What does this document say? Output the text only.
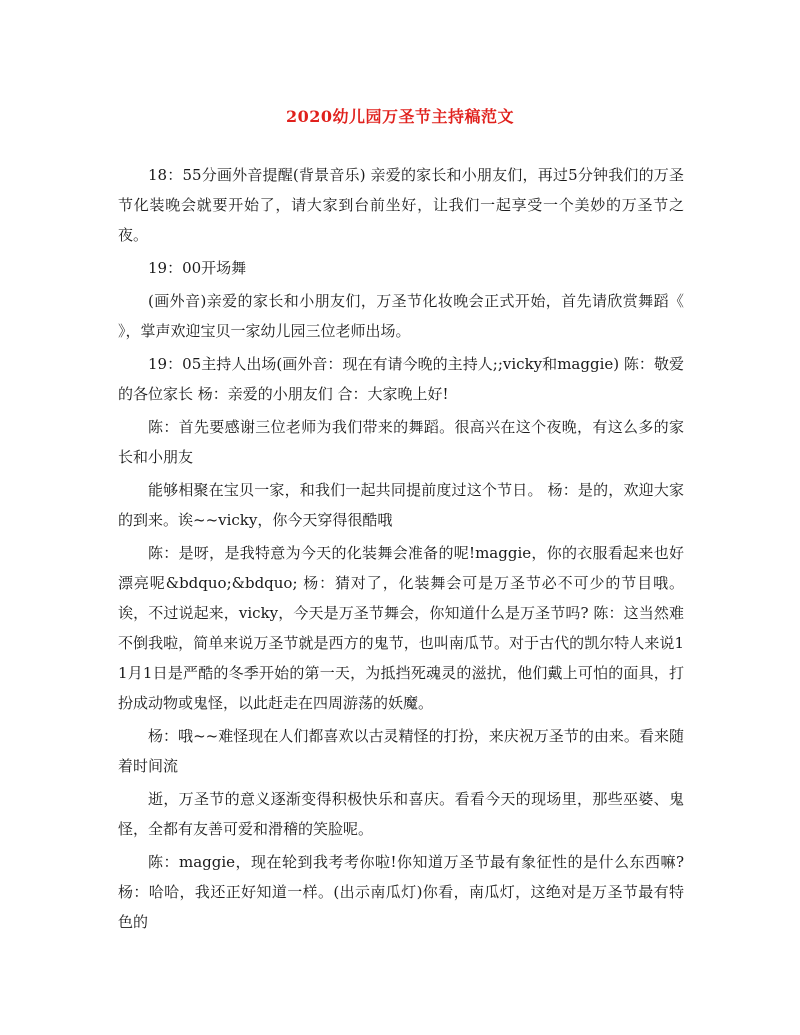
2020幼儿园万圣节主持稿范文

18：55分画外音提醒(背景音乐) 亲爱的家长和小朋友们，再过5分钟我们的万圣节化装晚会就要开始了，请大家到台前坐好，让我们一起享受一个美妙的万圣节之夜。

19：00开场舞

(画外音)亲爱的家长和小朋友们，万圣节化妆晚会正式开始，首先请欣赏舞蹈《 》，掌声欢迎宝贝一家幼儿园三位老师出场。

19：05主持人出场(画外音：现在有请今晚的主持人;;vicky和maggie) 陈：敬爱的各位家长 杨：亲爱的小朋友们 合：大家晚上好!

陈：首先要感谢三位老师为我们带来的舞蹈。很高兴在这个夜晚，有这么多的家长和小朋友

能够相聚在宝贝一家，和我们一起共同提前度过这个节日。 杨：是的，欢迎大家的到来。诶~~vicky，你今天穿得很酷哦

陈：是呀，是我特意为今天的化装舞会准备的呢!maggie，你的衣服看起来也好漂亮呢&bdquo;&bdquo; 杨：猜对了，化装舞会可是万圣节必不可少的节目哦。诶，不过说起来，vicky，今天是万圣节舞会，你知道什么是万圣节吗? 陈：这当然难不倒我啦，简单来说万圣节就是西方的鬼节，也叫南瓜节。对于古代的凯尔特人来说11月1日是严酷的冬季开始的第一天，为抵挡死魂灵的滋扰，他们戴上可怕的面具，打扮成动物或鬼怪，以此赶走在四周游荡的妖魔。

杨：哦~~难怪现在人们都喜欢以古灵精怪的打扮，来庆祝万圣节的由来。看来随着时间流

逝，万圣节的意义逐渐变得积极快乐和喜庆。看看今天的现场里，那些巫婆、鬼怪，全都有友善可爱和滑稽的笑脸呢。

陈：maggie，现在轮到我考考你啦!你知道万圣节最有象征性的是什么东西嘛? 杨：哈哈，我还正好知道一样。(出示南瓜灯)你看，南瓜灯，这绝对是万圣节最有特色的
